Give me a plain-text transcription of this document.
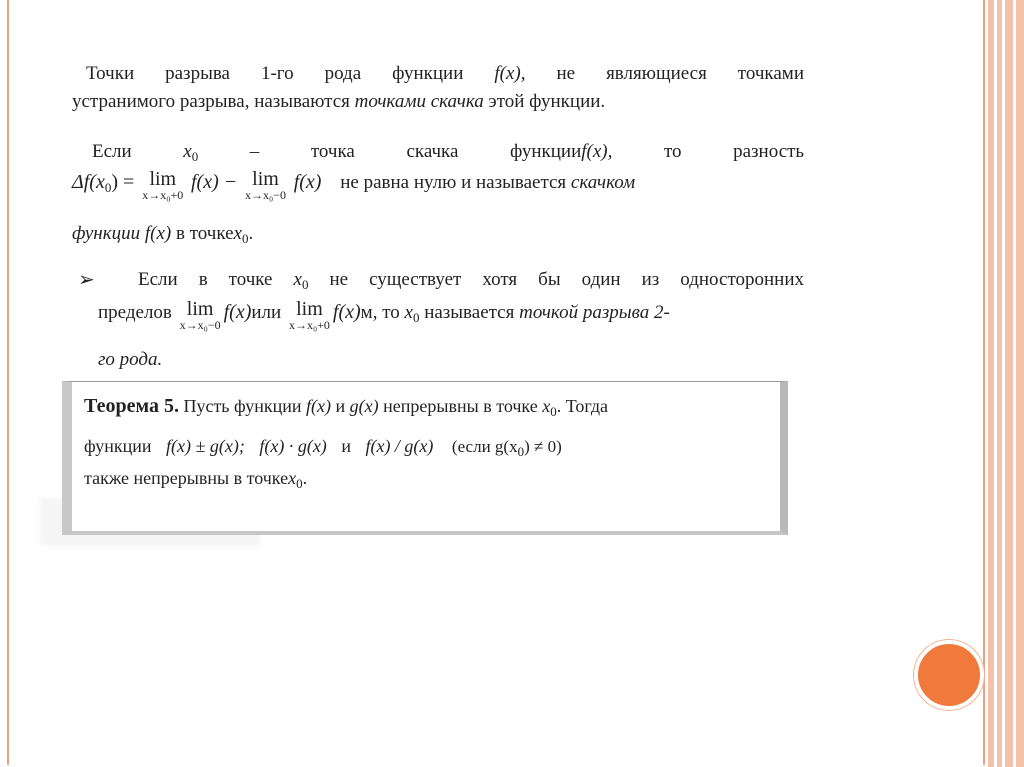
Точки разрыва 1-го рода функции f(x), не являющиеся точками

устранимого разрыва, называются точками скачка этой функции.

Если	$x_0$	–	точка	скачка	функцииf(x),	то	разность

$\Delta f(x_0) = \lim$
x→x₀+0
f(x) − lim
x→x₀−0
f(x) не равна нулю и называется скачком

функции f(x) в точкеx$_0$.

➢ Если в точке $x_0$ не существует хотя бы один из односторонних

пределов lim
x→x₀−0
f(x)или lim
x→x₀+0
f(x)м, то $x_0$ называется точкой разрыва 2-

го рода.

Теорема 5. Пусть функции f(x) и g(x) непрерывны в точке $x_0$. Тогда

функции f(x) ± g(x); f(x) · g(x) и f(x) / g(x) (если $g(x_0) \ne 0$)

также непрерывны в точкеx$_0$.
